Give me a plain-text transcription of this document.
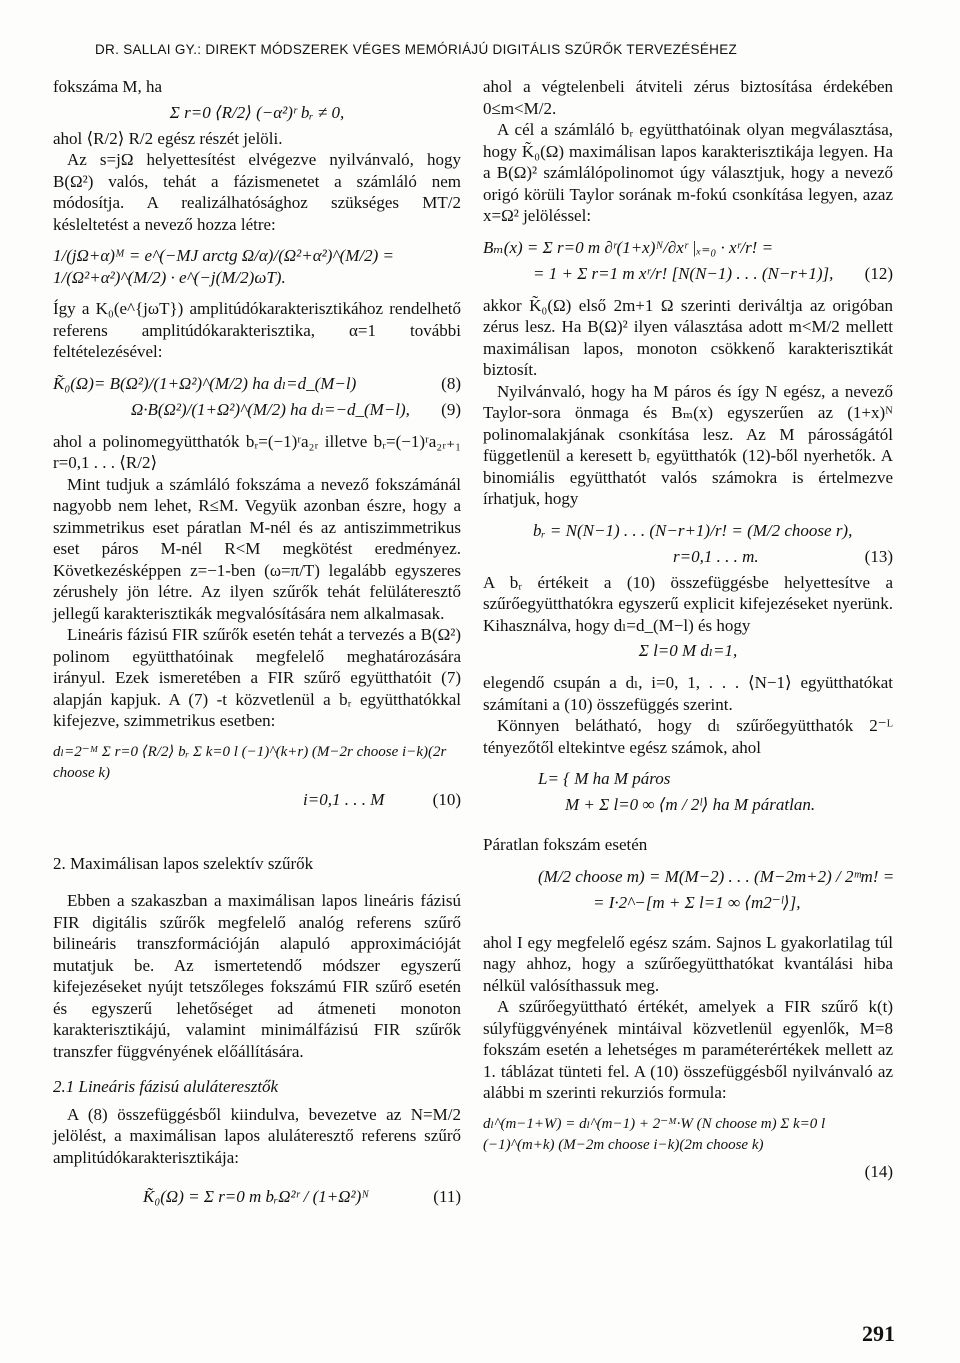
DR. SALLAI GY.: DIREKT MÓDSZEREK VÉGES MEMÓRIÁJÚ DIGITÁLIS SZŰRŐK TERVEZÉSÉHEZ

fokszáma M, ha

Σ r=0 ⟨R/2⟩ (−α²)ʳ bᵣ ≠ 0,

ahol ⟨R/2⟩ R/2 egész részét jelöli.

Az s=jΩ helyettesítést elvégezve nyilvánvaló, hogy B(Ω²) valós, tehát a fázismenetet a számláló nem módosítja. A realizálhatósághoz szükséges MT/2 késleltetést a nevező hozza létre:

1/(jΩ+α)ᴹ = e^(−MJ arctg Ω/α)/(Ω²+α²)^(M/2) = 1/(Ω²+α²)^(M/2) · e^(−j(M/2)ωT).

Így a K₀(e^{jωT}) amplitúdókarakterisztikához rendelhető referens amplitúdókarakterisztika, α=1 további feltételezésével:

K̃₀(Ω)= B(Ω²)/(1+Ω²)^(M/2) ha dₗ=d_(M−l)	(8)
Ω·B(Ω²)/(1+Ω²)^(M/2) ha dₗ=−d_(M−l),	(9)

ahol a polinomegyütthatók bᵣ=(−1)ʳa₂ᵣ illetve bᵣ=(−1)ʳa₂ᵣ₊₁ r=0,1 . . . ⟨R/2⟩

Mint tudjuk a számláló fokszáma a nevező fokszámánál nagyobb nem lehet, R≤M. Vegyük azonban észre, hogy a szimmetrikus eset páratlan M-nél és az antiszimmetrikus eset páros M-nél R<M megkötést eredményez. Következésképpen z=−1-ben (ω=π/T) legalább egyszeres zérushely jön létre. Az ilyen szűrők tehát felüláteresztő jellegű karakterisztikák megvalósítására nem alkalmasak.

Lineáris fázisú FIR szűrők esetén tehát a tervezés a B(Ω²) polinom együtthatóinak megfelelő meghatározására irányul. Ezek ismeretében a FIR szűrő együtthatóit (7) alapján kapjuk. A (7) -t közvetlenül a bᵣ együtthatókkal kifejezve, szimmetrikus esetben:

dₗ=2⁻ᴹ Σ r=0 ⟨R/2⟩ bᵣ Σ k=0 l (−1)^(k+r) (M−2r choose i−k)(2r choose k)
i=0,1 . . . M	(10)
2. Maximálisan lapos szelektív szűrők

Ebben a szakaszban a maximálisan lapos lineáris fázisú FIR digitális szűrők megfelelő analóg referens szűrő bilineáris transzformációján alapuló approximációját mutatjuk be. Az ismertetendő módszer egyszerű kifejezéseket nyújt tetszőleges fokszámú FIR szűrő esetén és egyszerű lehetőséget ad átmeneti monoton karakterisztikájú, valamint minimálfázisú FIR szűrők transzfer függvényének előállítására.

2.1 Lineáris fázisú aluláteresztők

A (8) összefüggésből kiindulva, bevezetve az N=M/2 jelölést, a maximálisan lapos aluláteresztő referens szűrő amplitúdókarakterisztikája:

K̃₀(Ω) = Σ r=0 m bᵣΩ²ʳ / (1+Ω²)ᴺ	(11)

ahol a végtelenbeli átviteli zérus biztosítása érdekében 0≤m<M/2.

A cél a számláló bᵣ együtthatóinak olyan megválasztása, hogy K̃₀(Ω) maximálisan lapos karakterisztikája legyen. Ha a B(Ω)² számlálópolinomot úgy választjuk, hogy a nevező origó körüli Taylor sorának m-fokú csonkítása legyen, azaz x=Ω² jelöléssel:

Bₘ(x) = Σ r=0 m ∂ʳ(1+x)ᴺ/∂xʳ |ₓ₌₀ · xʳ/r! =
= 1 + Σ r=1 m xʳ/r! [N(N−1) . . . (N−r+1)],	(12)

akkor K̃₀(Ω) első 2m+1 Ω szerinti deriváltja az origóban zérus lesz. Ha B(Ω)² ilyen választása adott m<M/2 mellett maximálisan lapos, monoton csökkenő karakterisztikát biztosít.

Nyilvánvaló, hogy ha M páros és így N egész, a nevező Taylor-sora önmaga és Bₘ(x) egyszerűen az (1+x)ᴺ polinomalakjának csonkítása lesz. Az M párosságától függetlenül a keresett bᵣ együtthatók (12)-ből nyerhetők. A binomiális együtthatót valós számokra is értelmezve írhatjuk, hogy

bᵣ = N(N−1) . . . (N−r+1)/r! = (M/2 choose r),
r=0,1 . . . m.	(13)

A bᵣ értékeit a (10) összefüggésbe helyettesítve a szűrőegyütthatókra egyszerű explicit kifejezéseket nyerünk. Kihasználva, hogy dₗ=d_(M−l) és hogy

Σ l=0 M dₗ=1,

elegendő csupán a dₗ, i=0, 1, . . . ⟨N−1⟩ együtthatókat számítani a (10) összefüggés szerint.

Könnyen belátható, hogy dₗ szűrőegyütthatók 2⁻ᴸ tényezőtől eltekintve egész számok, ahol

L= { M ha M páros
M + Σ l=0 ∞ ⟨m / 2ˡ⟩ ha M páratlan.

Páratlan fokszám esetén

(M/2 choose m) = M(M−2) . . . (M−2m+2) / 2ᵐm! =
= I·2^−[m + Σ l=1 ∞ ⟨m2⁻ˡ⟩],

ahol I egy megfelelő egész szám. Sajnos L gyakorlatilag túl nagy ahhoz, hogy a szűrőegyütthatókat kvantálási hiba nélkül valósíthassuk meg.

A szűrőegyüttható értékét, amelyek a FIR szűrő k(t) súlyfüggvényének mintáival közvetlenül egyenlők, M=8 fokszám esetén a lehetséges m paraméterértékek mellett az 1. táblázat tünteti fel. A (10) összefüggésből nyilvánvaló az alábbi m szerinti rekurziós formula:

dₗ^(m−1+W) = dₗ^(m−1) + 2⁻ᴹ·W (N choose m) Σ k=0 l (−1)^(m+k) (M−2m choose i−k)(2m choose k)
(14)
291
